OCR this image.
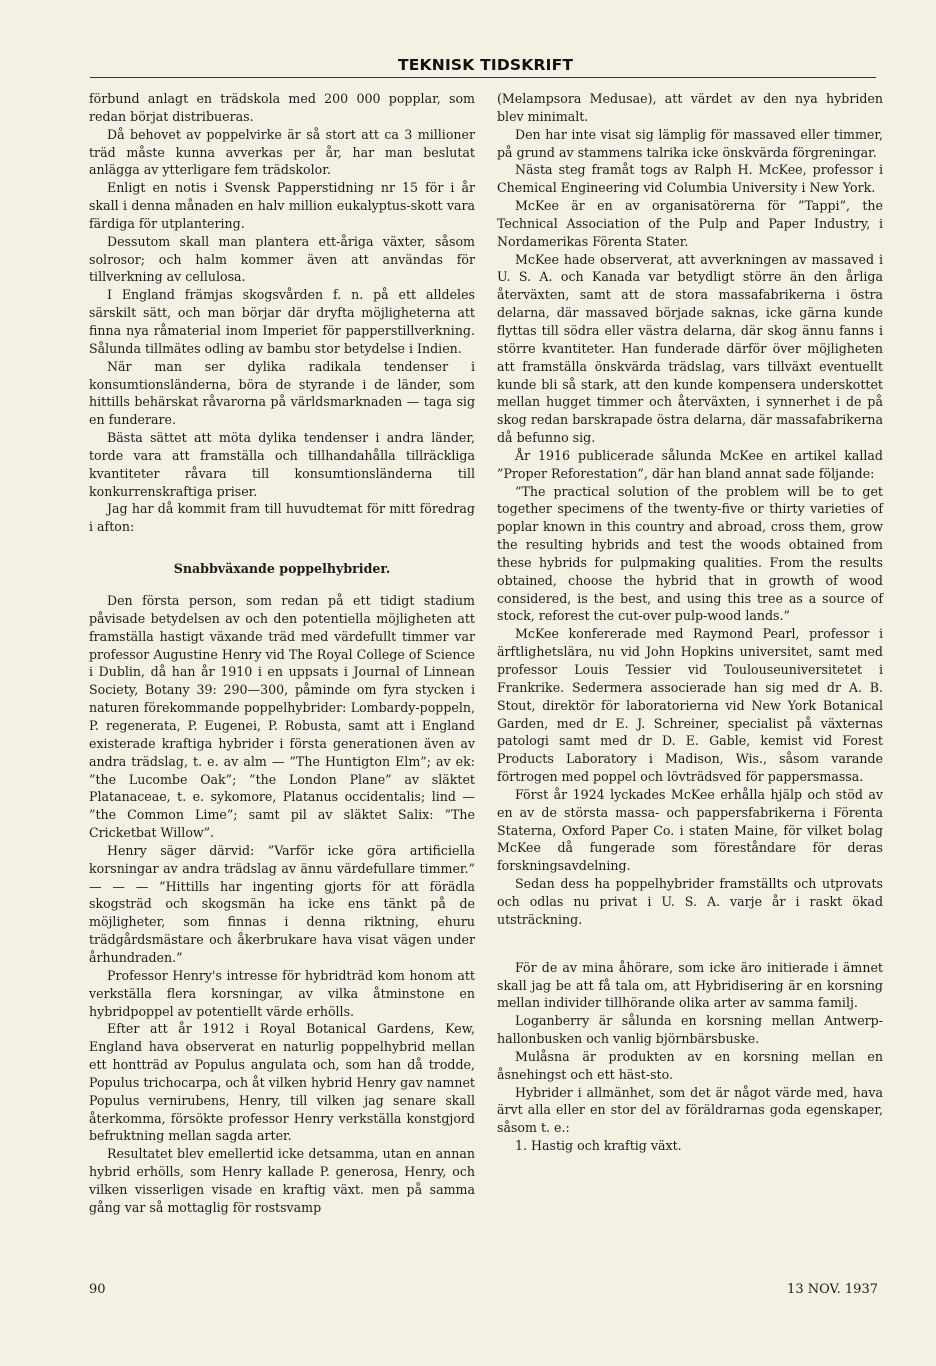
TEKNISK TIDSKRIFT

förbund anlagt en trädskola med 200 000 popplar, som redan börjat distribueras.

Då behovet av poppelvirke är så stort att ca 3 millioner träd måste kunna avverkas per år, har man beslutat anlägga av ytterligare fem trädskolor.

Enligt en notis i Svensk Papperstidning nr 15 för i år skall i denna månaden en halv million eukalyptus-skott vara färdiga för utplantering.

Dessutom skall man plantera ett-åriga växter, såsom solrosor; och halm kommer även att användas för tillverkning av cellulosa.

I England främjas skogsvården f. n. på ett alldeles särskilt sätt, och man börjar där dryfta möjligheterna att finna nya råmaterial inom Imperiet för papperstillverkning. Sålunda tillmätes odling av bambu stor betydelse i Indien.

När man ser dylika radikala tendenser i konsumtionsländerna, böra de styrande i de länder, som hittills behärskat råvarorna på världsmarknaden — taga sig en funderare.

Bästa sättet att möta dylika tendenser i andra länder, torde vara att framställa och tillhandahålla tillräckliga kvantiteter råvara till konsumtionsländerna till konkurrenskraftiga priser.

Jag har då kommit fram till huvudtemat för mitt föredrag i afton:

Snabbväxande poppelhybrider.

Den första person, som redan på ett tidigt stadium påvisade betydelsen av och den potentiella möjligheten att framställa hastigt växande träd med värdefullt timmer var professor Augustine Henry vid The Royal College of Science i Dublin, då han år 1910 i en uppsats i Journal of Linnean Society, Botany 39: 290—300, påminde om fyra stycken i naturen förekommande poppelhybrider: Lombardy-poppeln, P. regenerata, P. Eugenei, P. Robusta, samt att i England existerade kraftiga hybrider i första generationen även av andra trädslag, t. e. av alm — ”The Huntigton Elm”; av ek: ”the Lucombe Oak”; ”the London Plane” av släktet Platanaceae, t. e. sykomore, Platanus occidentalis; lind — ”the Common Lime”; samt pil av släktet Salix: ”The Cricketbat Willow”.

Henry säger därvid: ”Varför icke göra artificiella korsningar av andra trädslag av ännu värdefullare timmer.” — — — ”Hittills har ingenting gjorts för att förädla skogsträd och skogsmän ha icke ens tänkt på de möjligheter, som finnas i denna riktning, ehuru trädgårdsmästare och åkerbrukare hava visat vägen under århundraden.”

Professor Henry's intresse för hybridträd kom honom att verkställa flera korsningar, av vilka åtminstone en hybridpoppel av potentiellt värde erhölls.

Efter att år 1912 i Royal Botanical Gardens, Kew, England hava observerat en naturlig poppelhybrid mellan ett hontträd av Populus angulata och, som han då trodde, Populus trichocarpa, och åt vilken hybrid Henry gav namnet Populus vernirubens, Henry, till vilken jag senare skall återkomma, försökte professor Henry verkställa konstgjord befruktning mellan sagda arter.

Resultatet blev emellertid icke detsamma, utan en annan hybrid erhölls, som Henry kallade P. generosa, Henry, och vilken visserligen visade en kraftig växt. men på samma gång var så mottaglig för rostsvamp

(Melampsora Medusae), att värdet av den nya hybriden blev minimalt.

Den har inte visat sig lämplig för massaved eller timmer, på grund av stammens talrika icke önskvärda förgreningar.

Nästa steg framåt togs av Ralph H. McKee, professor i Chemical Engineering vid Columbia University i New York.

McKee är en av organisatörerna för ”Tappi”, the Technical Association of the Pulp and Paper Industry, i Nordamerikas Förenta Stater.

McKee hade observerat, att avverkningen av massaved i U. S. A. och Kanada var betydligt större än den årliga återväxten, samt att de stora massafabrikerna i östra delarna, där massaved började saknas, icke gärna kunde flyttas till södra eller västra delarna, där skog ännu fanns i större kvantiteter. Han funderade därför över möjligheten att framställa önskvärda trädslag, vars tillväxt eventuellt kunde bli så stark, att den kunde kompensera underskottet mellan hugget timmer och återväxten, i synnerhet i de på skog redan barskrapade östra delarna, där massafabrikerna då befunno sig.

År 1916 publicerade sålunda McKee en artikel kallad ”Proper Reforestation”, där han bland annat sade följande:

”The practical solution of the problem will be to get together specimens of the twenty-five or thirty varieties of poplar known in this country and abroad, cross them, grow the resulting hybrids and test the woods obtained from these hybrids for pulpmaking qualities. From the results obtained, choose the hybrid that in growth of wood considered, is the best, and using this tree as a source of stock, reforest the cut-over pulp-wood lands.”

McKee konfererade med Raymond Pearl, professor i ärftlighetslära, nu vid John Hopkins universitet, samt med professor Louis Tessier vid Toulouseuniversitetet i Frankrike. Sedermera associerade han sig med dr A. B. Stout, direktör för laboratorierna vid New York Botanical Garden, med dr E. J. Schreiner, specialist på växternas patologi samt med dr D. E. Gable, kemist vid Forest Products Laboratory i Madison, Wis., såsom varande förtrogen med poppel och lövträdsved för pappersmassa.

Först år 1924 lyckades McKee erhålla hjälp och stöd av en av de största massa- och pappersfabrikerna i Förenta Staterna, Oxford Paper Co. i staten Maine, för vilket bolag McKee då fungerade som föreståndare för deras forskningsavdelning.

Sedan dess ha poppelhybrider framställts och utprovats och odlas nu privat i U. S. A. varje år i raskt ökad utsträckning.

För de av mina åhörare, som icke äro initierade i ämnet skall jag be att få tala om, att Hybridisering är en korsning mellan individer tillhörande olika arter av samma familj.

Loganberry är sålunda en korsning mellan Antwerp-hallonbusken och vanlig björnbärsbuske.

Mulåsna är produkten av en korsning mellan en åsnehingst och ett häst-sto.

Hybrider i allmänhet, som det är något värde med, hava ärvt alla eller en stor del av föräldrarnas goda egenskaper, såsom t. e.:

1. Hastig och kraftig växt.

90	13 NOV. 1937
